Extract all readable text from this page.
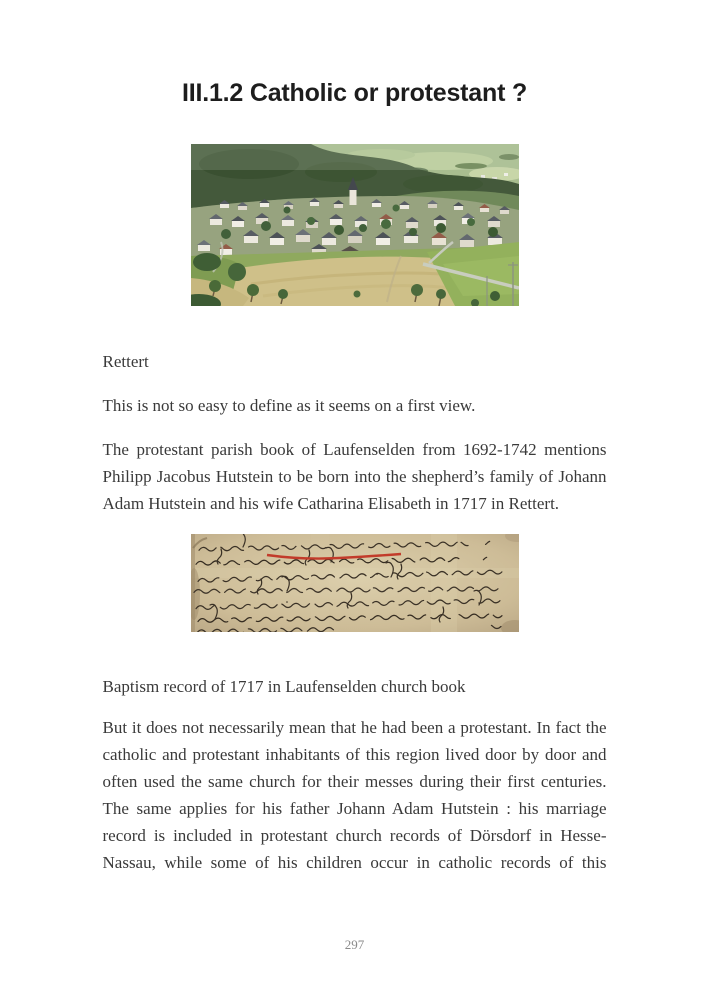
III.1.2 Catholic or protestant ?

Rettert

This is not so easy to define as it seems on a first view.

The protestant parish book of Laufenselden from 1692-1742 mentions Philipp Jacobus Hutstein to be born into the shepherd’s family of Johann Adam Hutstein and his wife Catharina Elisabeth in 1717 in Rettert.

Baptism record of 1717 in Laufenselden church book

But it does not necessarily mean that he had been a protestant. In fact the catholic and protestant inhabitants of this region lived door by door and often used the same church for their messes during their first centuries. The same applies for his father Johann Adam Hutstein : his marriage record is included in protestant church records of Dörsdorf in Hesse-Nassau, while some of his children occur in catholic records of this

297
